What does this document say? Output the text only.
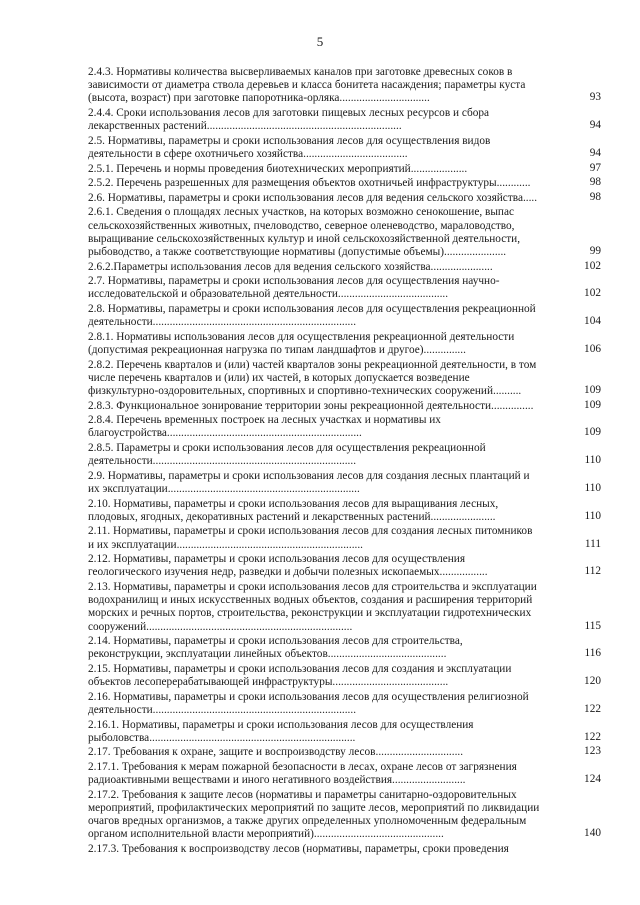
5
2.4.3. Нормативы количества высверливаемых каналов при заготовке древесных соков в
зависимости от диаметра ствола деревьев и класса бонитета насаждения; параметры куста
(высота, возраст) при заготовке папоротника-орляка................................	93
2.4.4. Сроки использования лесов для заготовки пищевых лесных ресурсов и сбора
лекарственных растений.....................................................................	94
2.5. Нормативы, параметры и сроки использования лесов для осуществления видов
деятельности в сфере охотничьего хозяйства.....................................	94
2.5.1. Перечень и нормы проведения биотехнических мероприятий....................	97
2.5.2. Перечень разрешенных для размещения объектов охотничьей инфраструктуры............	98
2.6. Нормативы, параметры и сроки использования лесов для ведения сельского хозяйства.....	98
2.6.1. Сведения о площадях лесных участков, на которых возможно сенокошение, выпас
сельскохозяйственных животных, пчеловодство, северное оленеводство, мараловодство,
выращивание сельскохозяйственных культур и иной сельскохозяйственной деятельности,
рыбоводство, а также соответствующие нормативы (допустимые объемы)......................	99
2.6.2.Параметры использования лесов для ведения сельского хозяйства......................	102
2.7. Нормативы, параметры и сроки использования лесов для осуществления научно-
исследовательской и образовательной деятельности.......................................	102
2.8. Нормативы, параметры и сроки использования лесов для осуществления рекреационной
деятельности........................................................................	104
2.8.1. Нормативы использования лесов для осуществления рекреационной деятельности
(допустимая рекреационная нагрузка по типам ландшафтов и другое)...............	106
2.8.2. Перечень кварталов и (или) частей кварталов зоны рекреационной деятельности, в том
числе перечень кварталов и (или) их частей, в которых допускается возведение
физкультурно-оздоровительных, спортивных и спортивно-технических сооружений..........	109
2.8.3. Функциональное зонирование территории зоны рекреационной деятельности...............	109
2.8.4. Перечень временных построек на лесных участках и нормативы их
благоустройства.....................................................................	109
2.8.5. Параметры и сроки использования лесов для осуществления рекреационной
деятельности........................................................................	110
2.9. Нормативы, параметры и сроки использования лесов для создания лесных плантаций и
их эксплуатации....................................................................	110
2.10. Нормативы, параметры и сроки использования лесов для выращивания лесных,
плодовых, ягодных, декоративных растений и лекарственных растений.......................	110
2.11. Нормативы, параметры и сроки использования лесов для создания лесных питомников
и их эксплуатации..................................................................	111
2.12. Нормативы, параметры и сроки использования лесов для осуществления
геологического изучения недр, разведки и добычи полезных ископаемых.................	112
2.13. Нормативы, параметры и сроки использования лесов для строительства и эксплуатации
водохранилищ и иных искусственных водных объектов, создания и расширения территорий
морских и речных портов, строительства, реконструкции и эксплуатации гидротехнических
сооружений.........................................................................	115
2.14. Нормативы, параметры и сроки использования лесов для строительства,
реконструкции, эксплуатации линейных объектов..........................................	116
2.15. Нормативы, параметры и сроки использования лесов для создания и эксплуатации
объектов лесоперерабатывающей инфраструктуры.........................................	120
2.16. Нормативы, параметры и сроки использования лесов для осуществления религиозной
деятельности........................................................................	122
2.16.1. Нормативы, параметры и сроки использования лесов для осуществления
рыболовства.........................................................................	122
2.17. Требования к охране, защите и воспроизводству лесов...............................	123
2.17.1. Требования к мерам пожарной безопасности в лесах, охране лесов от загрязнения
радиоактивными веществами и иного негативного воздействия..........................	124
2.17.2. Требования к защите лесов (нормативы и параметры санитарно-оздоровительных
мероприятий, профилактических мероприятий по защите лесов, мероприятий по ликвидации
очагов вредных организмов, а также других определенных уполномоченным федеральным
органом исполнительной власти мероприятий)..............................................	140
2.17.3. Требования к воспроизводству лесов (нормативы, параметры, сроки проведения
